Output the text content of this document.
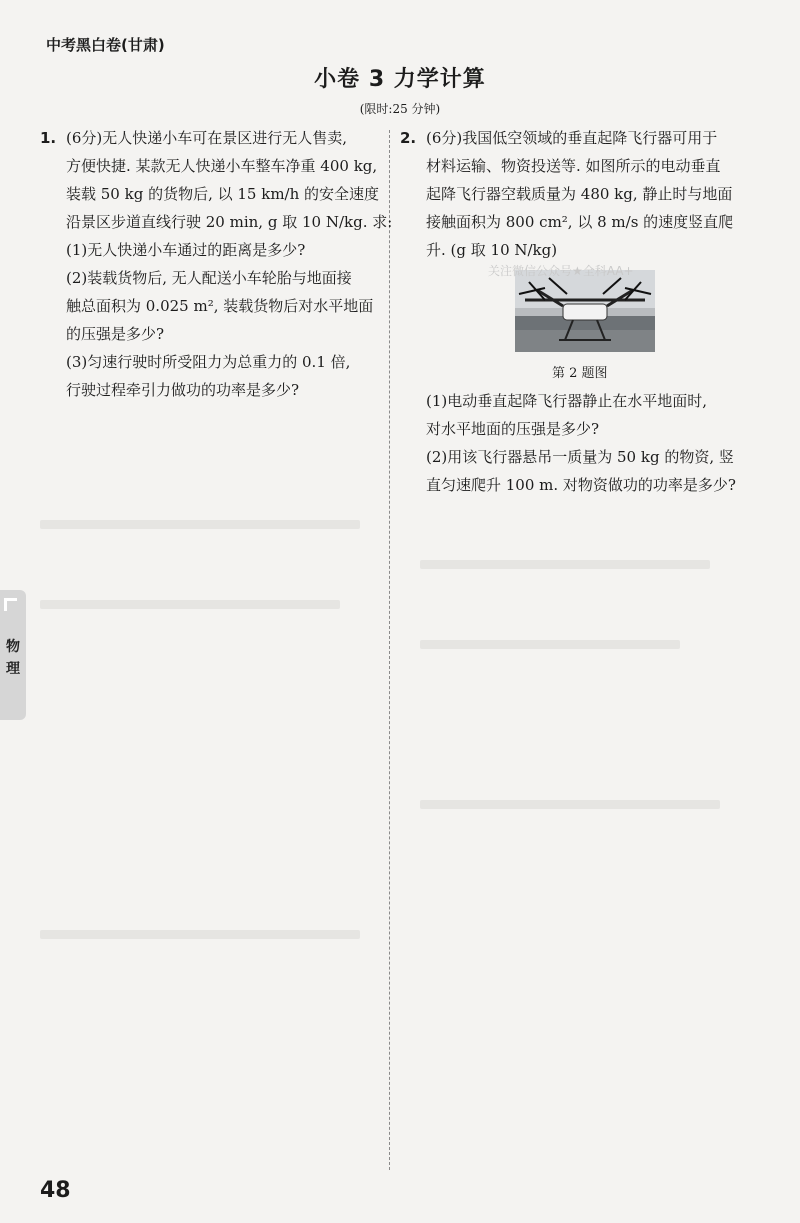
中考黑白卷(甘肃)
小卷 3 力学计算
(限时:25 分钟)
1. (6分)无人快递小车可在景区进行无人售卖,
方便快捷. 某款无人快递小车整车净重 400 kg,
装载 50 kg 的货物后, 以 15 km/h 的安全速度
沿景区步道直线行驶 20 min, g 取 10 N/kg. 求:
(1)无人快递小车通过的距离是多少?
(2)装载货物后, 无人配送小车轮胎与地面接
触总面积为 0.025 m², 装载货物后对水平地面
的压强是多少?
(3)匀速行驶时所受阻力为总重力的 0.1 倍,
行驶过程牵引力做功的功率是多少?
2. (6分)我国低空领域的垂直起降飞行器可用于
材料运输、物资投送等. 如图所示的电动垂直
起降飞行器空载质量为 480 kg, 静止时与地面
接触面积为 800 cm², 以 8 m/s 的速度竖直爬
升. (g 取 10 N/kg)
第 2 题图
(1)电动垂直起降飞行器静止在水平地面时,
对水平地面的压强是多少?
(2)用该飞行器悬吊一质量为 50 kg 的物资, 竖
直匀速爬升 100 m. 对物资做功的功率是多少?
关注微信公众号★全科AA+
物理
48
